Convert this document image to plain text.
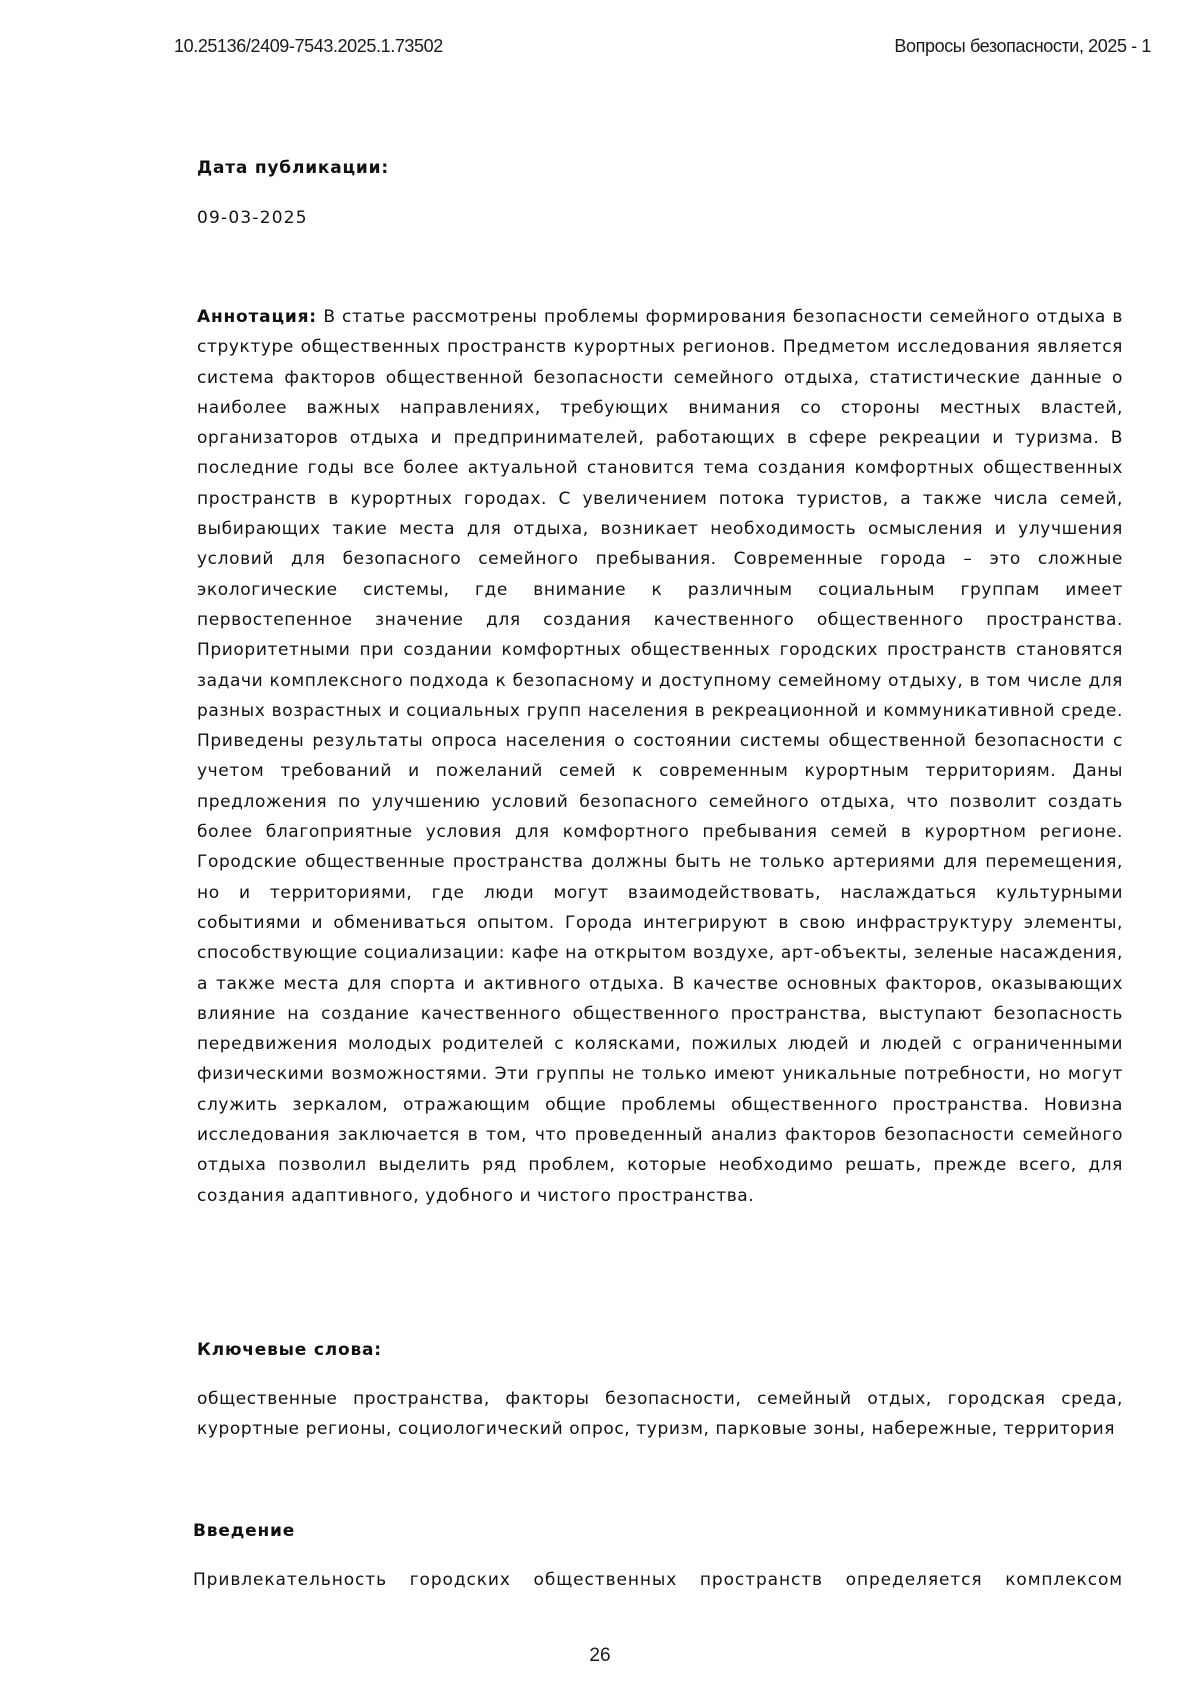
10.25136/2409-7543.2025.1.73502	Вопросы безопасности, 2025 - 1
Дата публикации:
09-03-2025
Аннотация: В статье рассмотрены проблемы формирования безопасности семейного отдыха в структуре общественных пространств курортных регионов. Предметом исследования является система факторов общественной безопасности семейного отдыха, статистические данные о наиболее важных направлениях, требующих внимания со стороны местных властей, организаторов отдыха и предпринимателей, работающих в сфере рекреации и туризма. В последние годы все более актуальной становится тема создания комфортных общественных пространств в курортных городах. С увеличением потока туристов, а также числа семей, выбирающих такие места для отдыха, возникает необходимость осмысления и улучшения условий для безопасного семейного пребывания. Современные города – это сложные экологические системы, где внимание к различным социальным группам имеет первостепенное значение для создания качественного общественного пространства. Приоритетными при создании комфортных общественных городских пространств становятся задачи комплексного подхода к безопасному и доступному семейному отдыху, в том числе для разных возрастных и социальных групп населения в рекреационной и коммуникативной среде. Приведены результаты опроса населения о состоянии системы общественной безопасности с учетом требований и пожеланий семей к современным курортным территориям. Даны предложения по улучшению условий безопасного семейного отдыха, что позволит создать более благоприятные условия для комфортного пребывания семей в курортном регионе. Городские общественные пространства должны быть не только артериями для перемещения, но и территориями, где люди могут взаимодействовать, наслаждаться культурными событиями и обмениваться опытом. Города интегрируют в свою инфраструктуру элементы, способствующие социализации: кафе на открытом воздухе, арт-объекты, зеленые насаждения, а также места для спорта и активного отдыха. В качестве основных факторов, оказывающих влияние на создание качественного общественного пространства, выступают безопасность передвижения молодых родителей с колясками, пожилых людей и людей с ограниченными физическими возможностями. Эти группы не только имеют уникальные потребности, но могут служить зеркалом, отражающим общие проблемы общественного пространства. Новизна исследования заключается в том, что проведенный анализ факторов безопасности семейного отдыха позволил выделить ряд проблем, которые необходимо решать, прежде всего, для создания адаптивного, удобного и чистого пространства.
Ключевые слова:
общественные пространства, факторы безопасности, семейный отдых, городская среда, курортные регионы, социологический опрос, туризм, парковые зоны, набережные, территория
Введение
Привлекательность городских общественных пространств определяется комплексом
26
